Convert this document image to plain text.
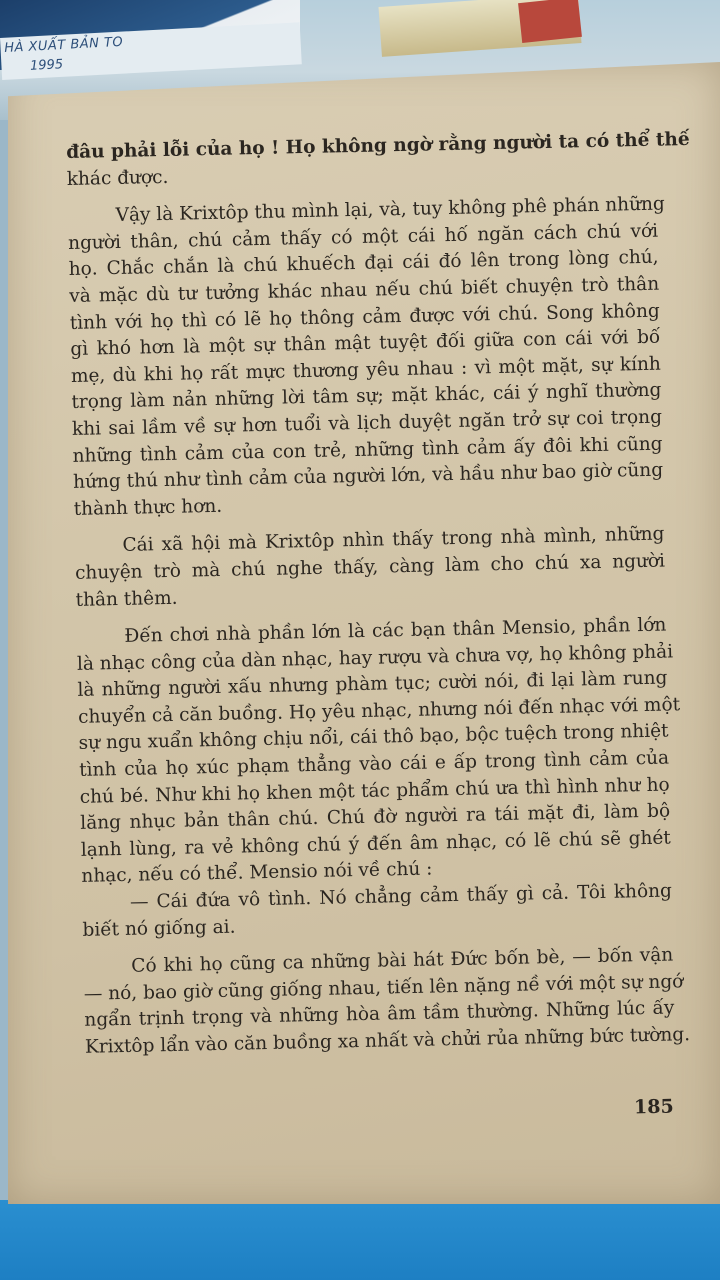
HÀ XUẤT BẢN TO
1995
đâu phải lỗi của họ ! Họ không ngờ rằng người ta có thể thế
khác được.
Vậy là Krixtôp thu mình lại, và, tuy không phê phán những
người thân, chú cảm thấy có một cái hố ngăn cách chú với
họ. Chắc chắn là chú khuếch đại cái đó lên trong lòng chú,
và mặc dù tư tưởng khác nhau nếu chú biết chuyện trò thân
tình với họ thì có lẽ họ thông cảm được với chú. Song không
gì khó hơn là một sự thân mật tuyệt đối giữa con cái với bố
mẹ, dù khi họ rất mực thương yêu nhau : vì một mặt, sự kính
trọng làm nản những lời tâm sự; mặt khác, cái ý nghĩ thường
khi sai lầm về sự hơn tuổi và lịch duyệt ngăn trở sự coi trọng
những tình cảm của con trẻ, những tình cảm ấy đôi khi cũng
hứng thú như tình cảm của người lớn, và hầu như bao giờ cũng
thành thực hơn.
Cái xã hội mà Krixtôp nhìn thấy trong nhà mình, những
chuyện trò mà chú nghe thấy, càng làm cho chú xa người
thân thêm.
Đến chơi nhà phần lớn là các bạn thân Mensio, phần lớn
là nhạc công của dàn nhạc, hay rượu và chưa vợ, họ không phải
là những người xấu nhưng phàm tục; cười nói, đi lại làm rung
chuyển cả căn buồng. Họ yêu nhạc, nhưng nói đến nhạc với một
sự ngu xuẩn không chịu nổi, cái thô bạo, bộc tuệch trong nhiệt
tình của họ xúc phạm thẳng vào cái e ấp trong tình cảm của
chú bé. Như khi họ khen một tác phẩm chú ưa thì hình như họ
lăng nhục bản thân chú. Chú đờ người ra tái mặt đi, làm bộ
lạnh lùng, ra vẻ không chú ý đến âm nhạc, có lẽ chú sẽ ghét
nhạc, nếu có thể. Mensio nói về chú :
— Cái đứa vô tình. Nó chẳng cảm thấy gì cả. Tôi không
biết nó giống ai.
Có khi họ cũng ca những bài hát Đức bốn bè, — bốn vận
— nó, bao giờ cũng giống nhau, tiến lên nặng nề với một sự ngớ
ngẩn trịnh trọng và những hòa âm tầm thường. Những lúc ấy
Krixtôp lẩn vào căn buồng xa nhất và chửi rủa những bức tường.
185
